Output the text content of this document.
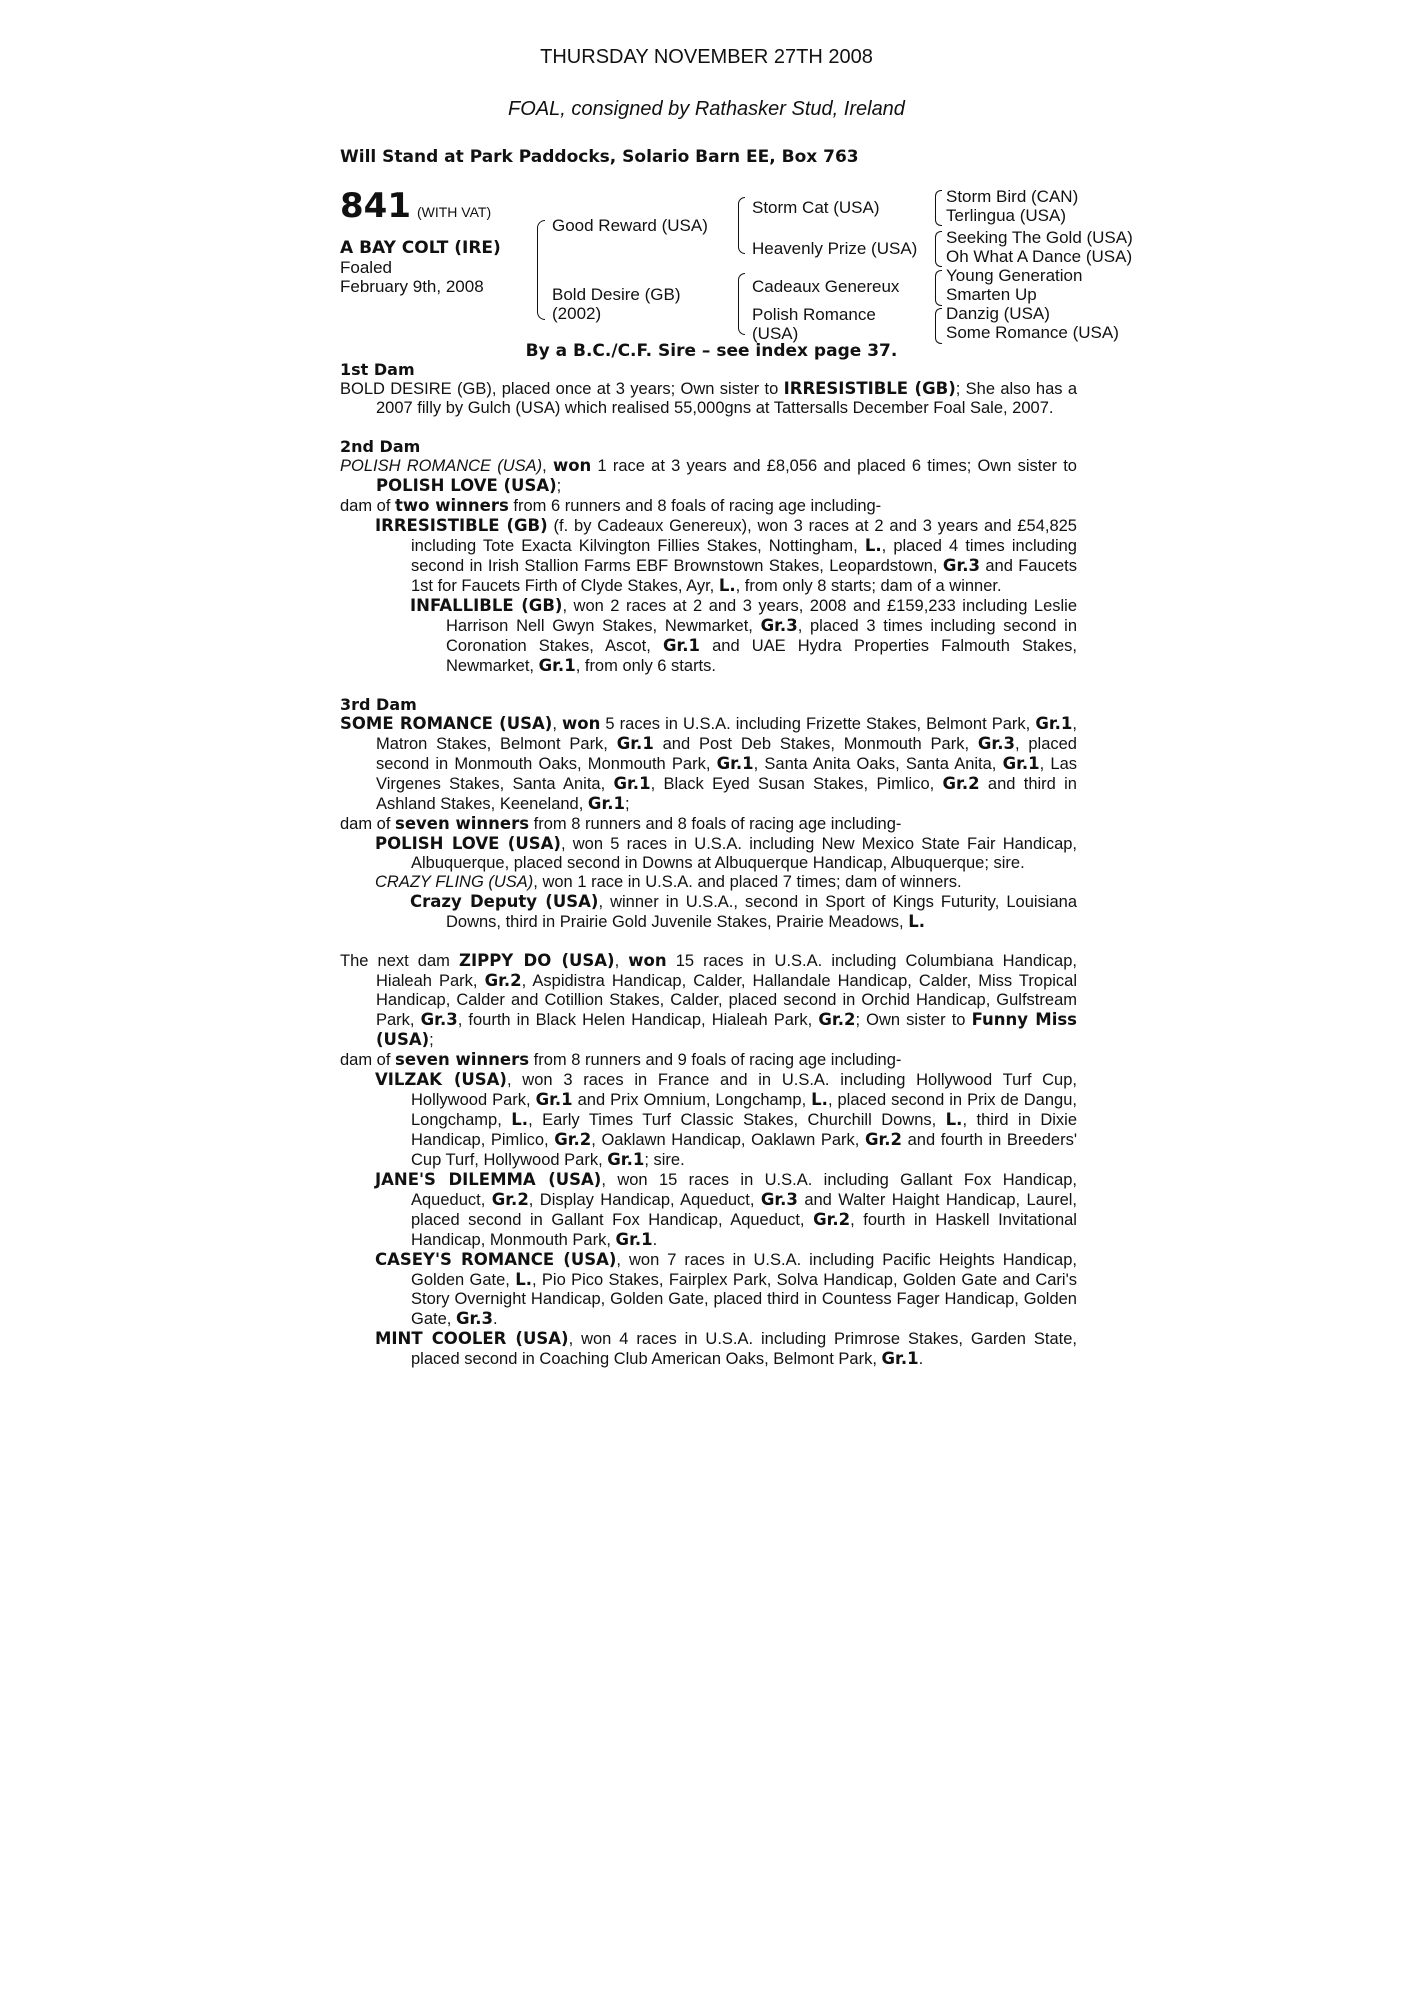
THURSDAY NOVEMBER 27TH 2008
FOAL, consigned by Rathasker Stud, Ireland
Will Stand at Park Paddocks, Solario Barn EE, Box 763
841 (WITH VAT)
A BAY COLT (IRE)
Foaled
February 9th, 2008
Good Reward (USA)
Bold Desire (GB)
(2002)
Storm Cat (USA)
Heavenly Prize (USA)
Cadeaux Genereux
Polish Romance
(USA)
Storm Bird (CAN)
Terlingua (USA)
Seeking The Gold (USA)
Oh What A Dance (USA)
Young Generation
Smarten Up
Danzig (USA)
Some Romance (USA)
By a B.C./C.F. Sire – see index page 37.
1st Dam
BOLD DESIRE (GB), placed once at 3 years; Own sister to IRRESISTIBLE (GB); She also has a 2007 filly by Gulch (USA) which realised 55,000gns at Tattersalls December Foal Sale, 2007.
2nd Dam
POLISH ROMANCE (USA), won 1 race at 3 years and £8,056 and placed 6 times; Own sister to POLISH LOVE (USA);
dam of two winners from 6 runners and 8 foals of racing age including-
IRRESISTIBLE (GB) (f. by Cadeaux Genereux), won 3 races at 2 and 3 years and £54,825 including Tote Exacta Kilvington Fillies Stakes, Nottingham, L., placed 4 times including second in Irish Stallion Farms EBF Brownstown Stakes, Leopardstown, Gr.3 and Faucets 1st for Faucets Firth of Clyde Stakes, Ayr, L., from only 8 starts; dam of a winner.
INFALLIBLE (GB), won 2 races at 2 and 3 years, 2008 and £159,233 including Leslie Harrison Nell Gwyn Stakes, Newmarket, Gr.3, placed 3 times including second in Coronation Stakes, Ascot, Gr.1 and UAE Hydra Properties Falmouth Stakes, Newmarket, Gr.1, from only 6 starts.
3rd Dam
SOME ROMANCE (USA), won 5 races in U.S.A. including Frizette Stakes, Belmont Park, Gr.1, Matron Stakes, Belmont Park, Gr.1 and Post Deb Stakes, Monmouth Park, Gr.3, placed second in Monmouth Oaks, Monmouth Park, Gr.1, Santa Anita Oaks, Santa Anita, Gr.1, Las Virgenes Stakes, Santa Anita, Gr.1, Black Eyed Susan Stakes, Pimlico, Gr.2 and third in Ashland Stakes, Keeneland, Gr.1;
dam of seven winners from 8 runners and 8 foals of racing age including-
POLISH LOVE (USA), won 5 races in U.S.A. including New Mexico State Fair Handicap, Albuquerque, placed second in Downs at Albuquerque Handicap, Albuquerque; sire.
CRAZY FLING (USA), won 1 race in U.S.A. and placed 7 times; dam of winners.
Crazy Deputy (USA), winner in U.S.A., second in Sport of Kings Futurity, Louisiana Downs, third in Prairie Gold Juvenile Stakes, Prairie Meadows, L.
The next dam ZIPPY DO (USA), won 15 races in U.S.A. including Columbiana Handicap, Hialeah Park, Gr.2, Aspidistra Handicap, Calder, Hallandale Handicap, Calder, Miss Tropical Handicap, Calder and Cotillion Stakes, Calder, placed second in Orchid Handicap, Gulfstream Park, Gr.3, fourth in Black Helen Handicap, Hialeah Park, Gr.2; Own sister to Funny Miss (USA);
dam of seven winners from 8 runners and 9 foals of racing age including-
VILZAK (USA), won 3 races in France and in U.S.A. including Hollywood Turf Cup, Hollywood Park, Gr.1 and Prix Omnium, Longchamp, L., placed second in Prix de Dangu, Longchamp, L., Early Times Turf Classic Stakes, Churchill Downs, L., third in Dixie Handicap, Pimlico, Gr.2, Oaklawn Handicap, Oaklawn Park, Gr.2 and fourth in Breeders' Cup Turf, Hollywood Park, Gr.1; sire.
JANE'S DILEMMA (USA), won 15 races in U.S.A. including Gallant Fox Handicap, Aqueduct, Gr.2, Display Handicap, Aqueduct, Gr.3 and Walter Haight Handicap, Laurel, placed second in Gallant Fox Handicap, Aqueduct, Gr.2, fourth in Haskell Invitational Handicap, Monmouth Park, Gr.1.
CASEY'S ROMANCE (USA), won 7 races in U.S.A. including Pacific Heights Handicap, Golden Gate, L., Pio Pico Stakes, Fairplex Park, Solva Handicap, Golden Gate and Cari's Story Overnight Handicap, Golden Gate, placed third in Countess Fager Handicap, Golden Gate, Gr.3.
MINT COOLER (USA), won 4 races in U.S.A. including Primrose Stakes, Garden State, placed second in Coaching Club American Oaks, Belmont Park, Gr.1.
